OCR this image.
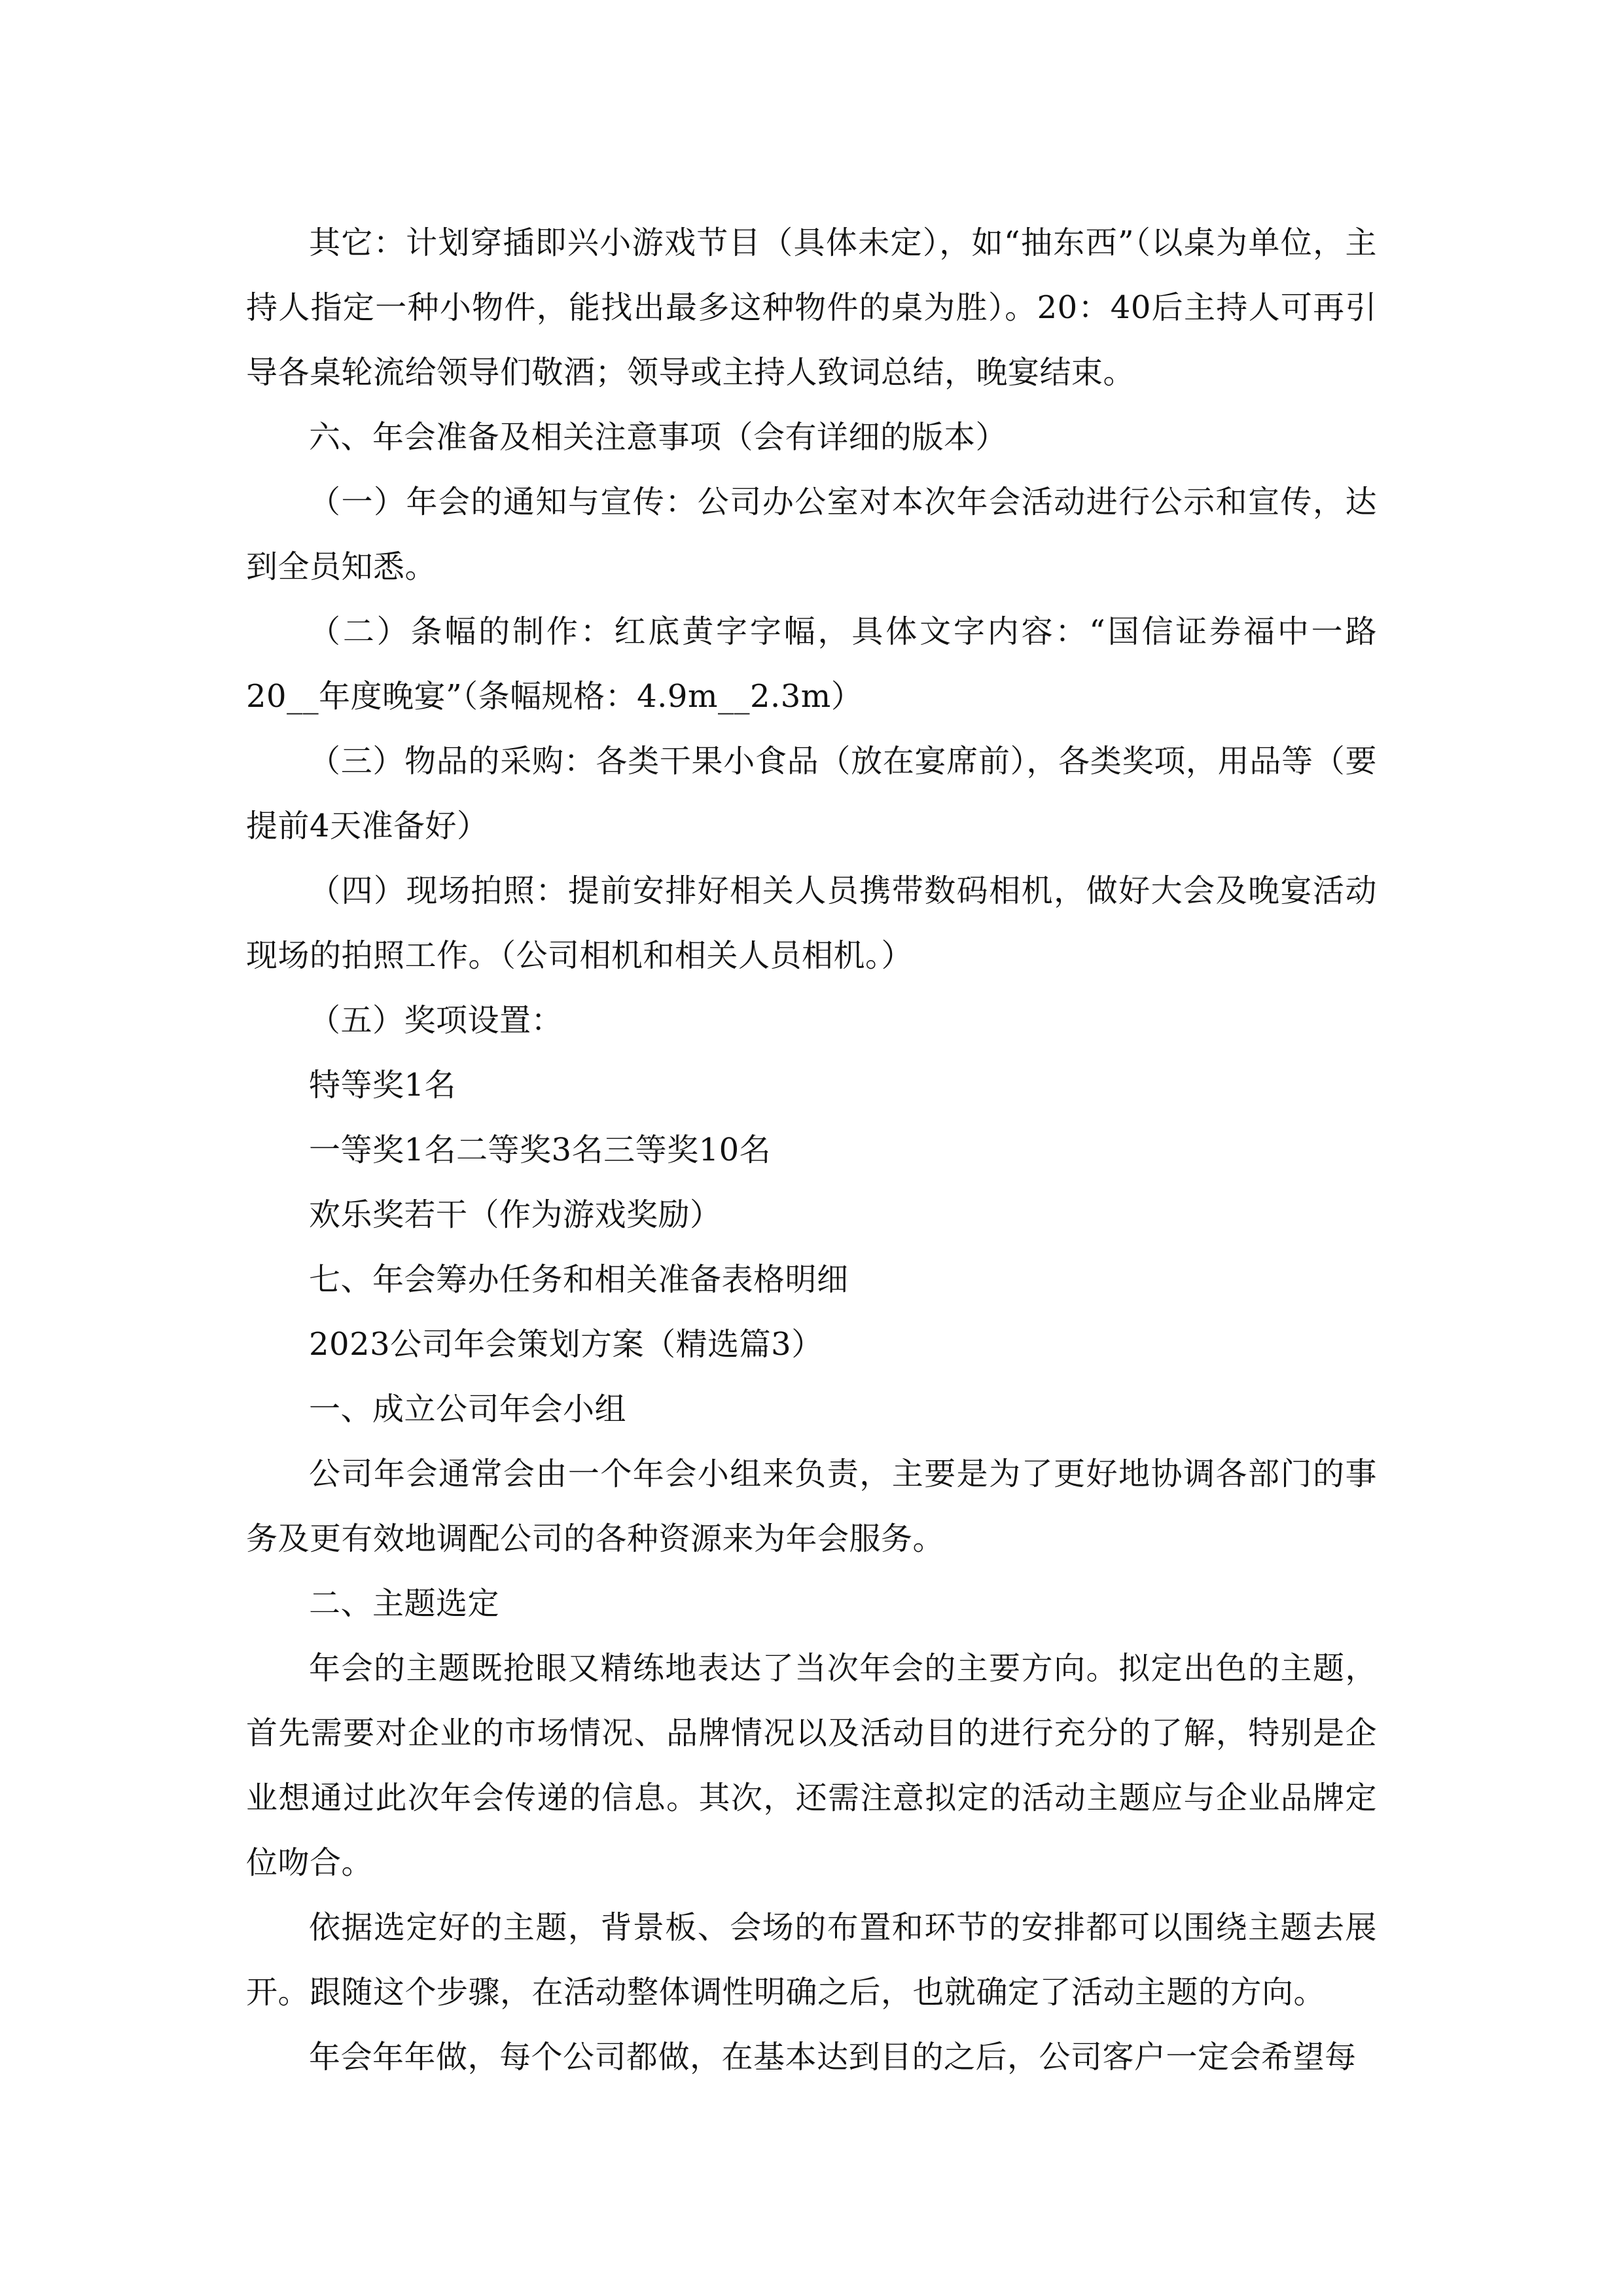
其它：计划穿插即兴小游戏节目（具体未定），如“抽东西”（以桌为单位，主持人指定一种小物件，能找出最多这种物件的桌为胜）。20：40后主持人可再引导各桌轮流给领导们敬酒；领导或主持人致词总结，晚宴结束。

六、年会准备及相关注意事项（会有详细的版本）

（一）年会的通知与宣传：公司办公室对本次年会活动进行公示和宣传，达到全员知悉。

（二）条幅的制作：红底黄字字幅，具体文字内容：“国信证券福中一路20__年度晚宴”（条幅规格：4.9m__2.3m）

（三）物品的采购：各类干果小食品（放在宴席前），各类奖项，用品等（要提前4天准备好）

（四）现场拍照：提前安排好相关人员携带数码相机，做好大会及晚宴活动现场的拍照工作。（公司相机和相关人员相机。）

（五）奖项设置：

特等奖1名

一等奖1名二等奖3名三等奖10名

欢乐奖若干（作为游戏奖励）

七、年会筹办任务和相关准备表格明细

2023公司年会策划方案（精选篇3）

一、成立公司年会小组

公司年会通常会由一个年会小组来负责，主要是为了更好地协调各部门的事务及更有效地调配公司的各种资源来为年会服务。

二、主题选定

年会的主题既抢眼又精练地表达了当次年会的主要方向。拟定出色的主题，首先需要对企业的市场情况、品牌情况以及活动目的进行充分的了解，特别是企业想通过此次年会传递的信息。其次，还需注意拟定的活动主题应与企业品牌定位吻合。

依据选定好的主题，背景板、会场的布置和环节的安排都可以围绕主题去展开。跟随这个步骤，在活动整体调性明确之后，也就确定了活动主题的方向。

年会年年做，每个公司都做，在基本达到目的之后，公司客户一定会希望每
